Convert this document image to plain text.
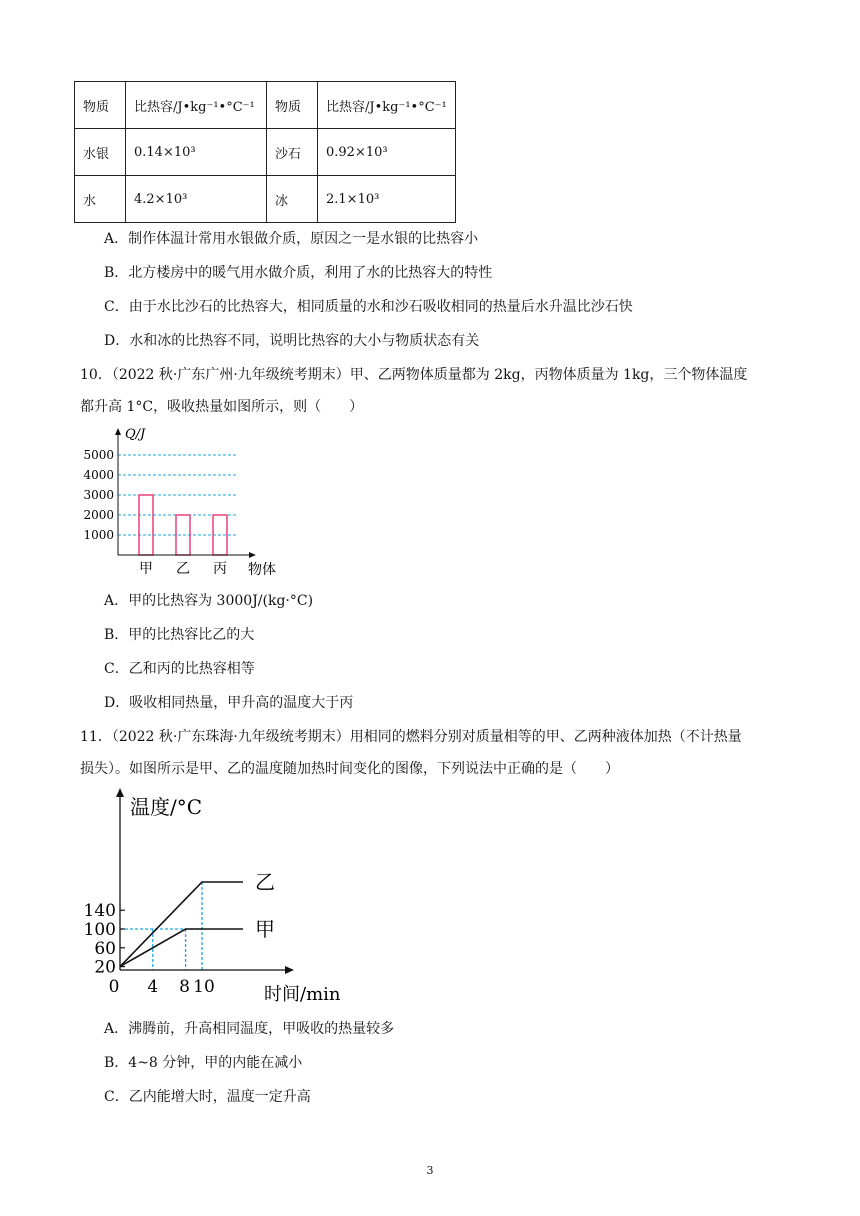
物质	比热容/J•kg⁻¹•°C⁻¹	物质	比热容/J•kg⁻¹•°C⁻¹
水银	0.14×10³	沙石	0.92×10³
水	4.2×10³	冰	2.1×10³
A．制作体温计常用水银做介质，原因之一是水银的比热容小
B．北方楼房中的暖气用水做介质，利用了水的比热容大的特性
C．由于水比沙石的比热容大，相同质量的水和沙石吸收相同的热量后水升温比沙石快
D．水和冰的比热容不同，说明比热容的大小与物质状态有关
10．（2022 秋·广东广州·九年级统考期末）甲、乙两物体质量都为 2kg，丙物体质量为 1kg，三个物体温度
都升高 1°C，吸收热量如图所示，则（　　）
1000
2000
3000
4000
5000
甲 乙 丙
Q/J
物体
A．甲的比热容为 3000J/(kg·°C)
B．甲的比热容比乙的大
C．乙和丙的比热容相等
D．吸收相同热量，甲升高的温度大于丙
11．（2022 秋·广东珠海·九年级统考期末）用相同的燃料分别对质量相等的甲、乙两种液体加热（不计热量
损失）。如图所示是甲、乙的温度随加热时间变化的图像，下列说法中正确的是（　　）
20
60
100
140
4 8 10
乙
甲
温度/°C
时间/min
0
A．沸腾前，升高相同温度，甲吸收的热量较多
B．4~8 分钟，甲的内能在减小
C．乙内能增大时，温度一定升高
3
